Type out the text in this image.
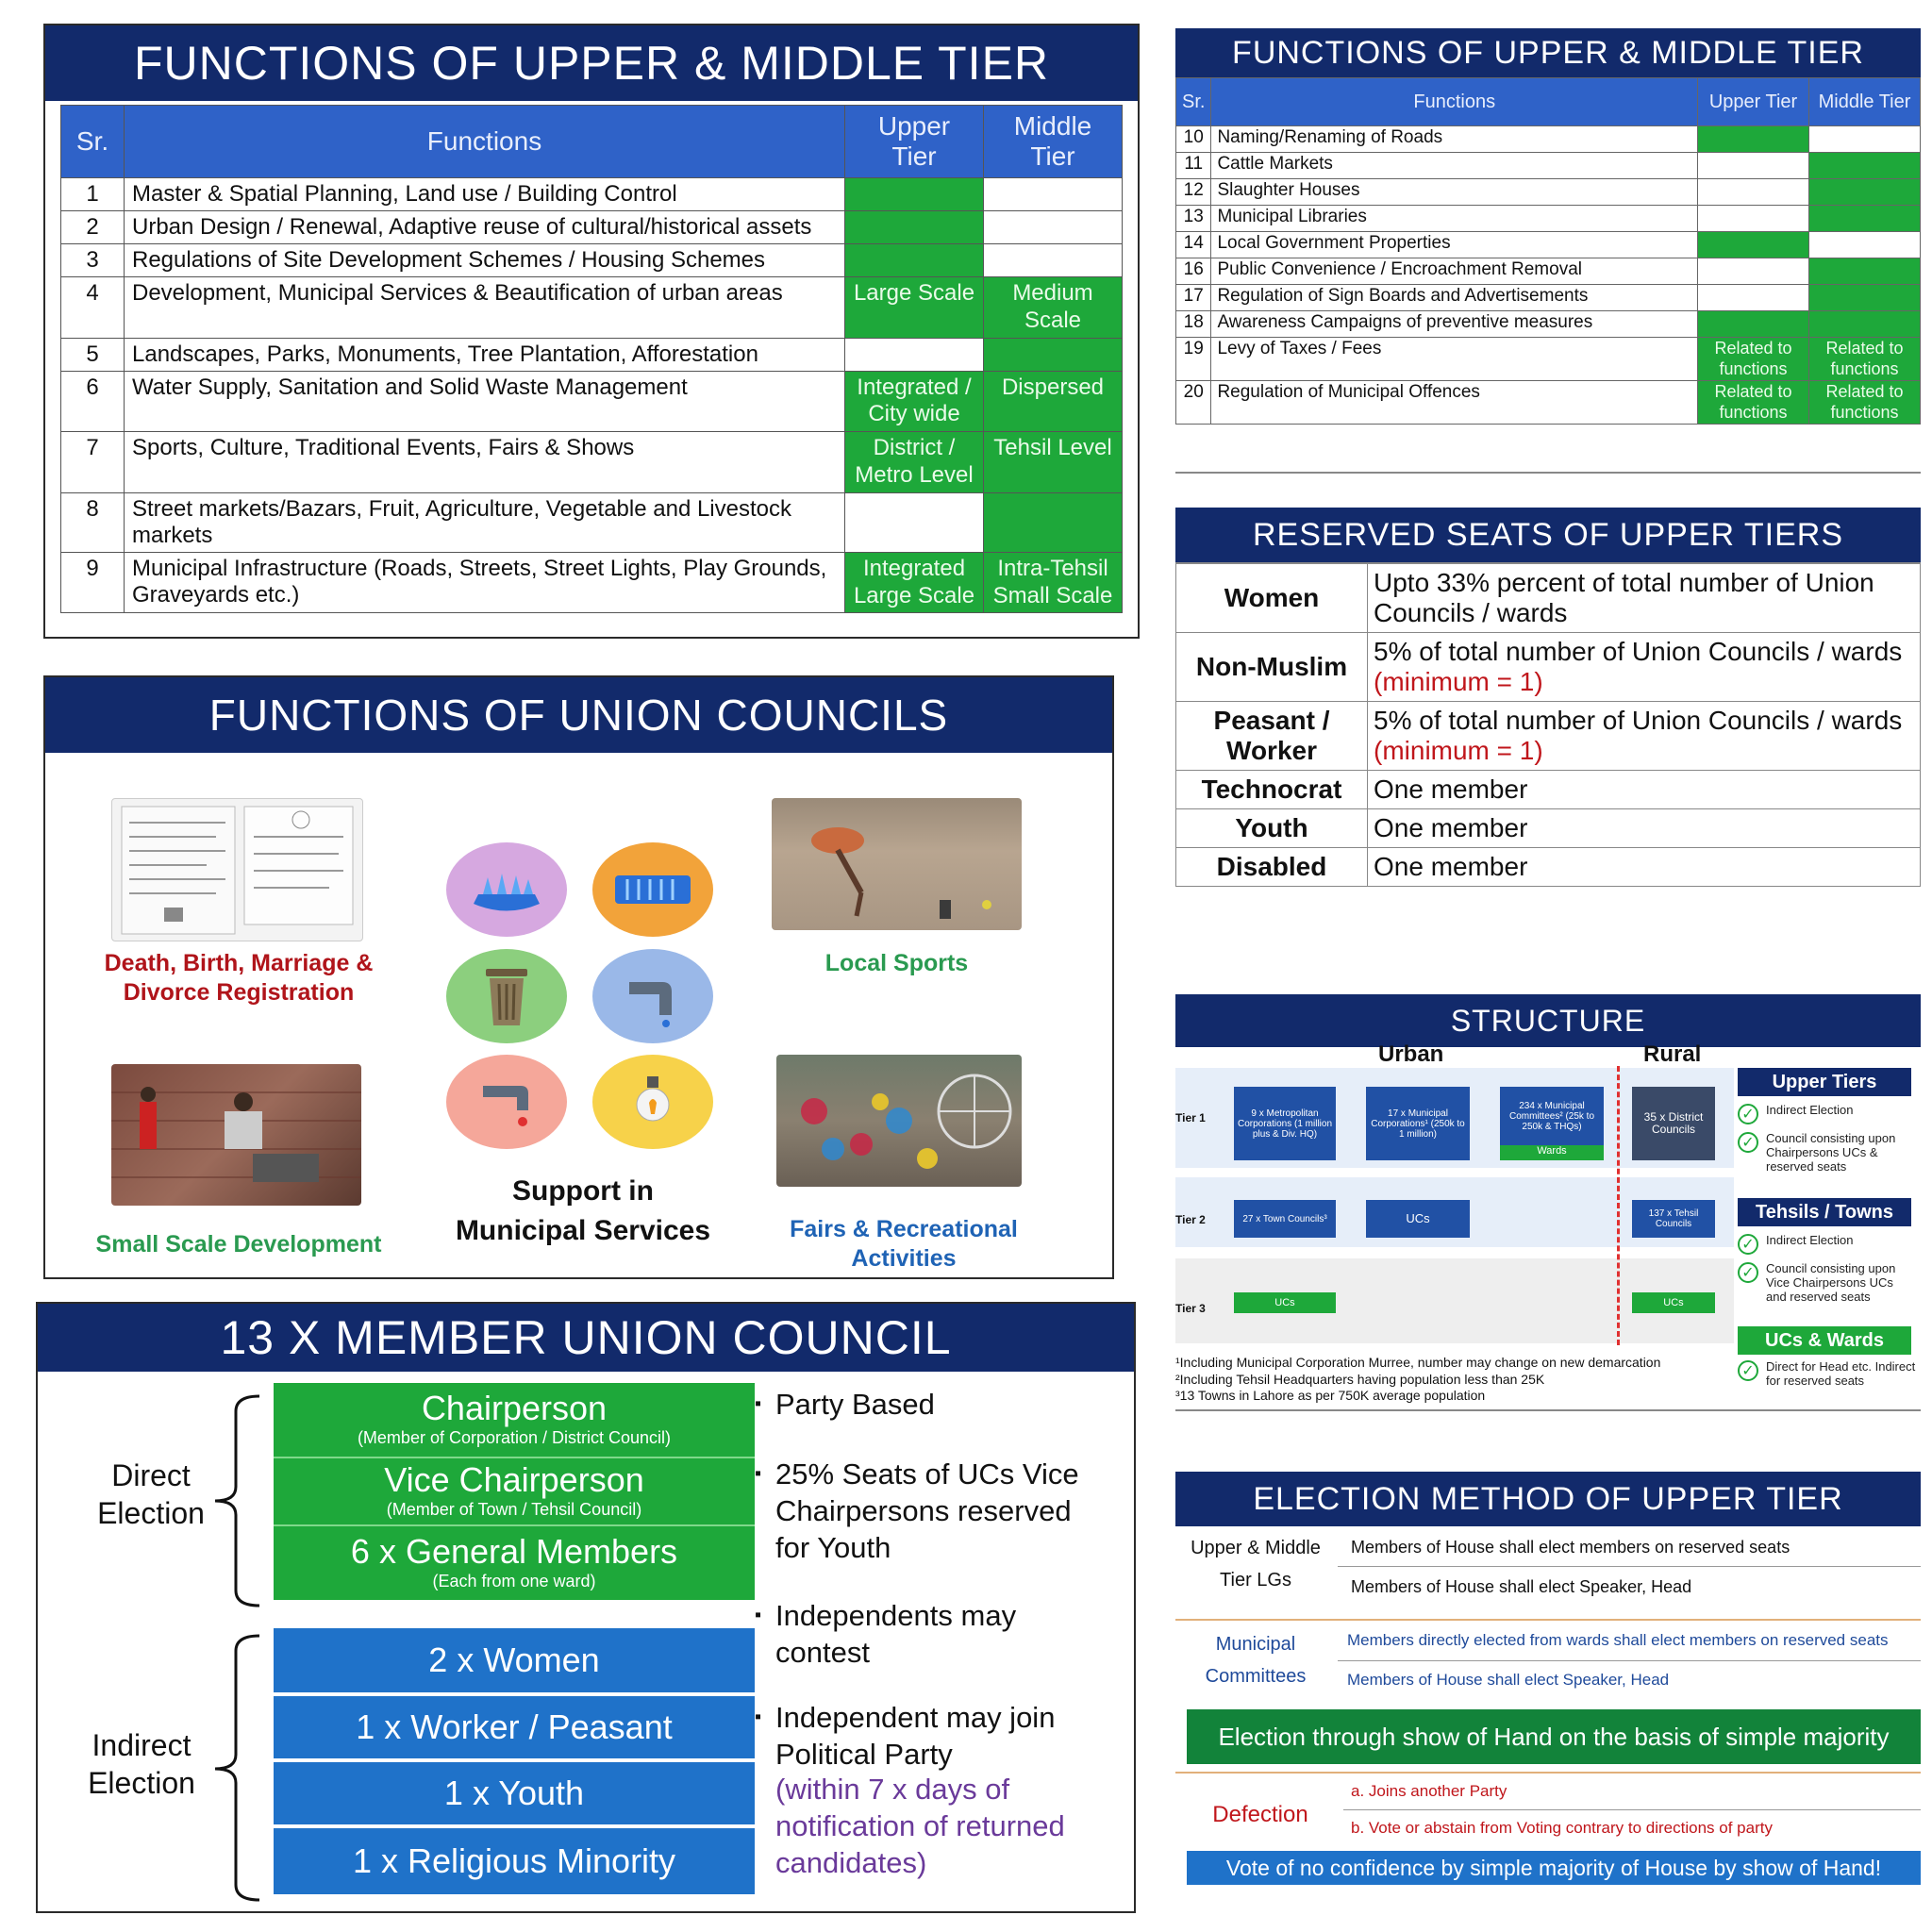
FUNCTIONS OF UPPER & MIDDLE TIER
Sr.	Functions	Upper Tier	Middle Tier
1	Master & Spatial Planning, Land use / Building Control		
2	Urban Design / Renewal, Adaptive reuse of cultural/historical assets		
3	Regulations of Site Development Schemes / Housing Schemes		
4	Development, Municipal Services & Beautification of urban areas	Large Scale	Medium Scale
5	Landscapes, Parks, Monuments, Tree Plantation, Afforestation		
6	Water Supply, Sanitation and Solid Waste Management	Integrated / City wide	Dispersed
7	Sports, Culture, Traditional Events, Fairs & Shows	District / Metro Level	Tehsil Level
8	Street markets/Bazars, Fruit, Agriculture, Vegetable and Livestock markets		
9	Municipal Infrastructure (Roads, Streets, Street Lights, Play Grounds, Graveyards etc.)	Integrated Large Scale	Intra-Tehsil Small Scale
FUNCTIONS OF UPPER & MIDDLE TIER
Sr.	Functions	Upper Tier	Middle Tier
10	Naming/Renaming of Roads		
11	Cattle Markets		
12	Slaughter Houses		
13	Municipal Libraries		
14	Local Government Properties		
16	Public Convenience / Encroachment Removal		
17	Regulation of Sign Boards and Advertisements		
18	Awareness Campaigns of preventive measures		
19	Levy of Taxes / Fees	Related to functions	Related to functions
20	Regulation of Municipal Offences	Related to functions	Related to functions
RESERVED SEATS OF UPPER TIERS
Women	Upto 33% percent of total number of Union Councils / wards

Non-Muslim	5% of total number of Union Councils / wards
(minimum = 1)

Peasant / Worker	5% of total number of Union Councils / wards
(minimum = 1)

Technocrat	One member

Youth	One member

Disabled	One member
FUNCTIONS OF UNION COUNCILS
Death, Birth, Marriage & Divorce Registration
Support in
Municipal Services
Local Sports
Small Scale Development
Fairs & Recreational Activities
STRUCTURE
Urban	Rural
Tier 1
Tier 2
Tier 3
9 x Metropolitan Corporations (1 million plus & Div. HQ)
17 x Municipal Corporations¹ (250k to 1 million)
234 x Municipal Committees² (25k to 250k & THQs)
Wards
35 x District Councils
27 x Town Councils³	UCs	137 x Tehsil Councils
UCs	UCs
¹Including Municipal Corporation Murree, number may change on new demarcation
²Including Tehsil Headquarters having population less than 25K
³13 Towns in Lahore as per 750K average population
Upper Tiers
✓ Indirect Election
✓ Council consisting upon Chairpersons UCs & reserved seats
Tehsils / Towns
✓ Indirect Election
✓ Council consisting upon Vice Chairpersons UCs and reserved seats
UCs & Wards
✓ Direct for Head etc. Indirect for reserved seats
13 X MEMBER UNION COUNCIL
Direct Election
Indirect Election
Chairperson
(Member of Corporation / District Council)
Vice Chairperson
(Member of Town / Tehsil Council)
6 x General Members
(Each from one ward)
2 x Women
1 x Worker / Peasant
1 x Youth
1 x Religious Minority
▪ Party Based
▪ 25% Seats of UCs Vice Chairpersons reserved for Youth
▪ Independents may contest
▪ Independent may join Political Party
(within 7 x days of notification of returned candidates)
ELECTION METHOD OF UPPER TIER
Upper & Middle Tier LGs
Members of House shall elect members on reserved seats
Members of House shall elect Speaker, Head
Municipal Committees
Members directly elected from wards shall elect members on reserved seats
Members of House shall elect Speaker, Head
Election through show of Hand on the basis of simple majority
Defection
a. Joins another Party
b. Vote or abstain from Voting contrary to directions of party
Vote of no confidence by simple majority of House by show of Hand!
